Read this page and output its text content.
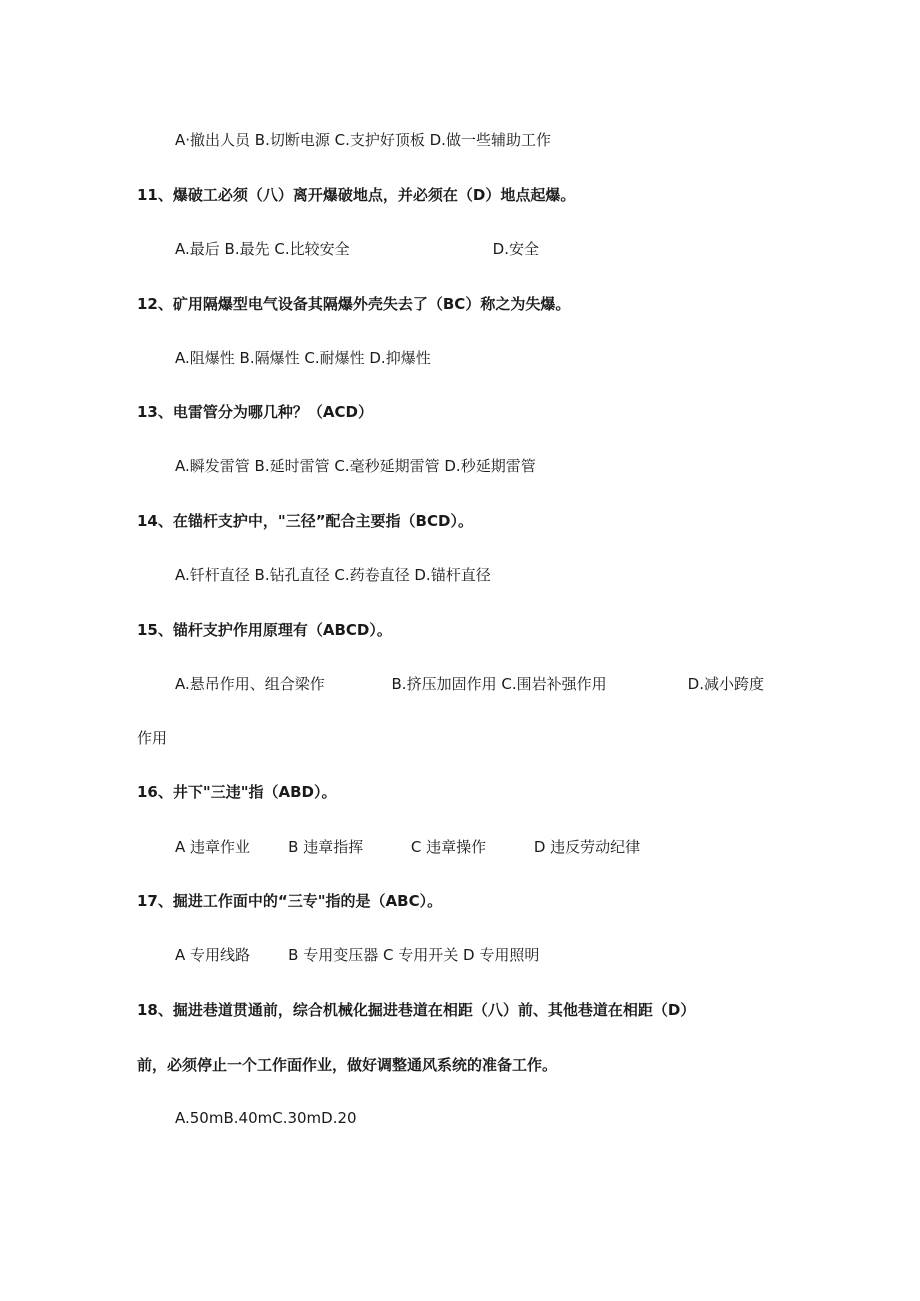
A·撤出人员 B.切断电源 C.支护好顶板 D.做一些辅助工作
11、爆破工必须（八）离开爆破地点，并必须在（D）地点起爆。
A.最后 B.最先 C.比较安全                              D.安全
12、矿用隔爆型电气设备其隔爆外壳失去了（BC）称之为失爆。
A.阻爆性 B.隔爆性 C.耐爆性 D.抑爆性
13、电雷管分为哪几种？（ACD）
A.瞬发雷管 B.延时雷管 C.毫秒延期雷管 D.秒延期雷管
14、在锚杆支护中，"三径”配合主要指（BCD）。
A.钎杆直径 B.钻孔直径 C.药卷直径 D.锚杆直径
15、锚杆支护作用原理有（ABCD）。
A.悬吊作用、组合梁作              B.挤压加固作用 C.围岩补强作用                 D.减小跨度
作用
16、井下"三违"指（ABD）。
A 违章作业        B 违章指挥          C 违章操作          D 违反劳动纪律
17、掘进工作面中的“三专"指的是（ABC）。
A 专用线路        B 专用变压器 C 专用开关 D 专用照明
18、掘进巷道贯通前，综合机械化掘进巷道在相距（八）前、其他巷道在相距（D）
前，必须停止一个工作面作业，做好调整通风系统的准备工作。
A.50mB.40mC.30mD.20
